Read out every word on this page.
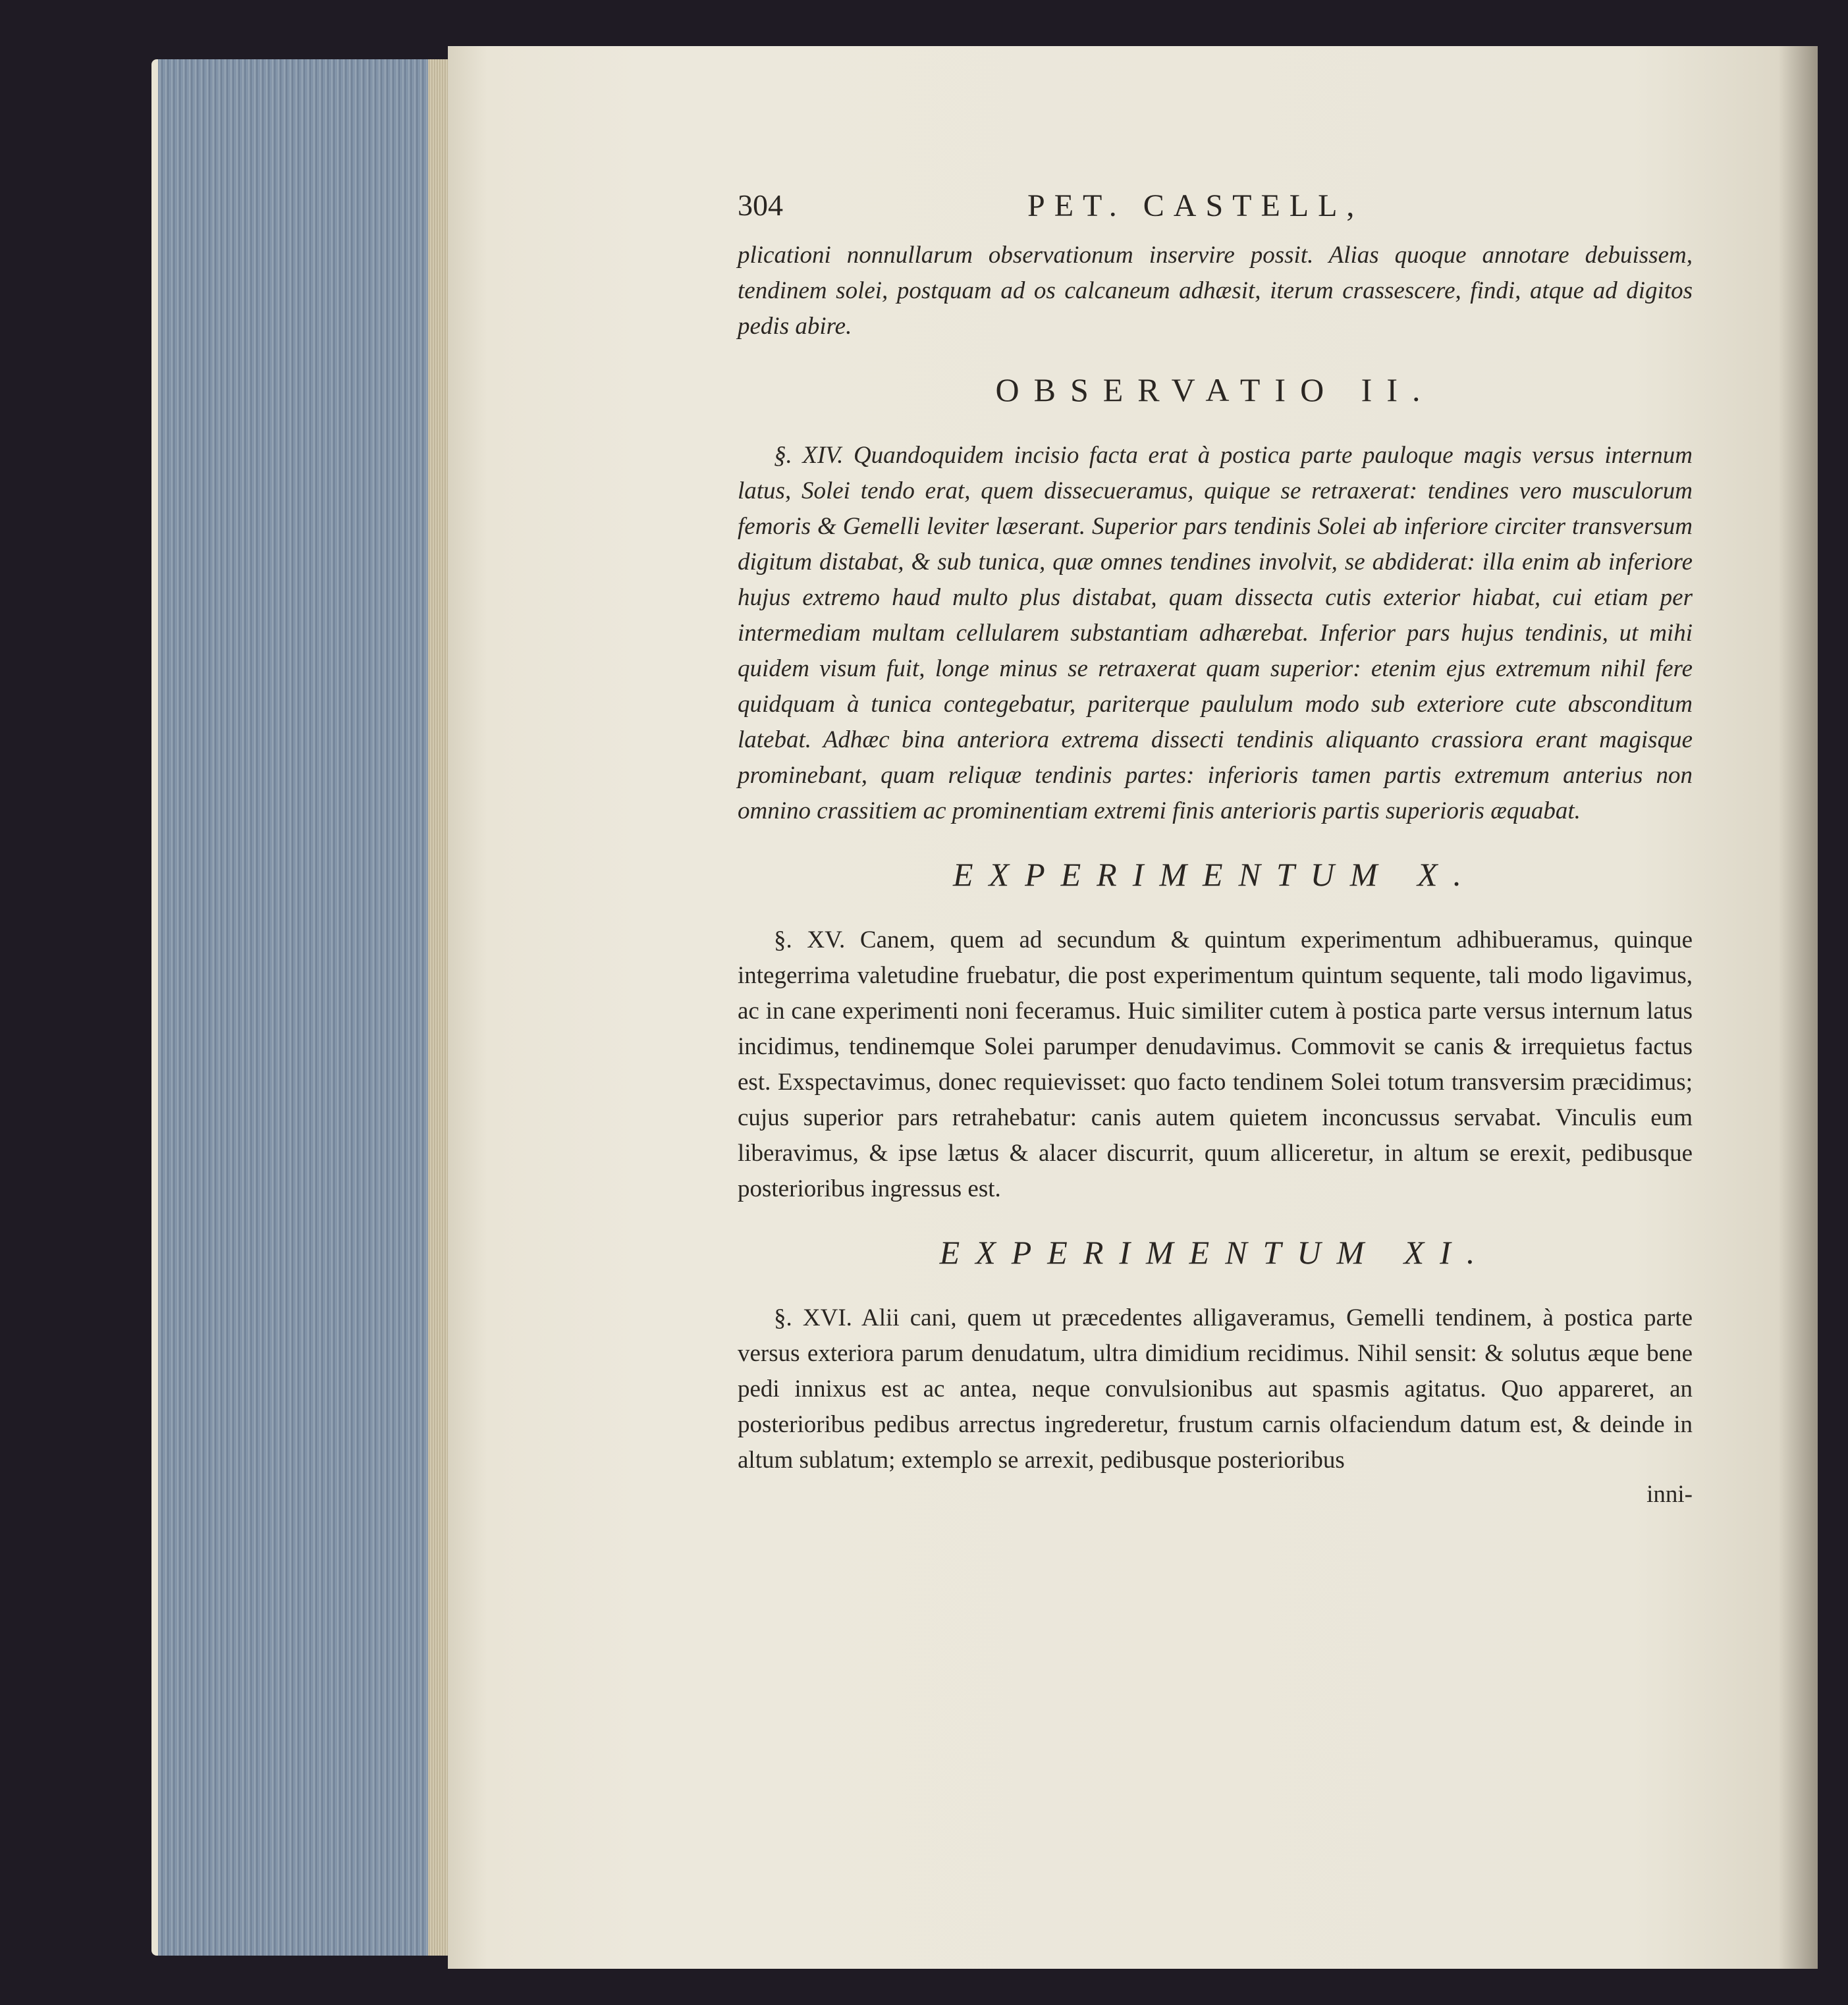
304	PET. CASTELL,

plicationi nonnullarum observationum inservire possit. Alias quoque annotare debuissem, tendinem solei, postquam ad os calcaneum adhæsit, iterum crassescere, findi, atque ad digitos pedis abire.

OBSERVATIO II.

§. XIV. Quandoquidem incisio facta erat à postica parte pauloque magis versus internum latus, Solei tendo erat, quem dissecueramus, quique se retraxerat: tendines vero musculorum femoris & Gemelli leviter læserant. Superior pars tendinis Solei ab inferiore circiter transversum digitum distabat, & sub tunica, quæ omnes tendines involvit, se abdiderat: illa enim ab inferiore hujus extremo haud multo plus distabat, quam dissecta cutis exterior hiabat, cui etiam per intermediam multam cellularem substantiam adhærebat. Inferior pars hujus tendinis, ut mihi quidem visum fuit, longe minus se retraxerat quam superior: etenim ejus extremum nihil fere quidquam à tunica contegebatur, pariterque paululum modo sub exteriore cute absconditum latebat. Adhæc bina anteriora extrema dissecti tendinis aliquanto crassiora erant magisque prominebant, quam reliquæ tendinis partes: inferioris tamen partis extremum anterius non omnino crassitiem ac prominentiam extremi finis anterioris partis superioris æquabat.

EXPERIMENTUM X.

§. XV. Canem, quem ad secundum & quintum experimentum adhibueramus, quinque integerrima valetudine fruebatur, die post experimentum quintum sequente, tali modo ligavimus, ac in cane experimenti noni feceramus. Huic similiter cutem à postica parte versus internum latus incidimus, tendinemque Solei parumper denudavimus. Commovit se canis & irrequietus factus est. Exspectavimus, donec requievisset: quo facto tendinem Solei totum transversim præcidimus; cujus superior pars retrahebatur: canis autem quietem inconcussus servabat. Vinculis eum liberavimus, & ipse lætus & alacer discurrit, quum alliceretur, in altum se erexit, pedibusque posterioribus ingressus est.

EXPERIMENTUM XI.

§. XVI. Alii cani, quem ut præcedentes alligaveramus, Gemelli tendinem, à postica parte versus exteriora parum denudatum, ultra dimidium recidimus. Nihil sensit: & solutus æque bene pedi innixus est ac antea, neque convulsionibus aut spasmis agitatus. Quo appareret, an posterioribus pedibus arrectus ingrederetur, frustum carnis olfaciendum datum est, & deinde in altum sublatum; extemplo se arrexit, pedibusque posterioribus

inni-
